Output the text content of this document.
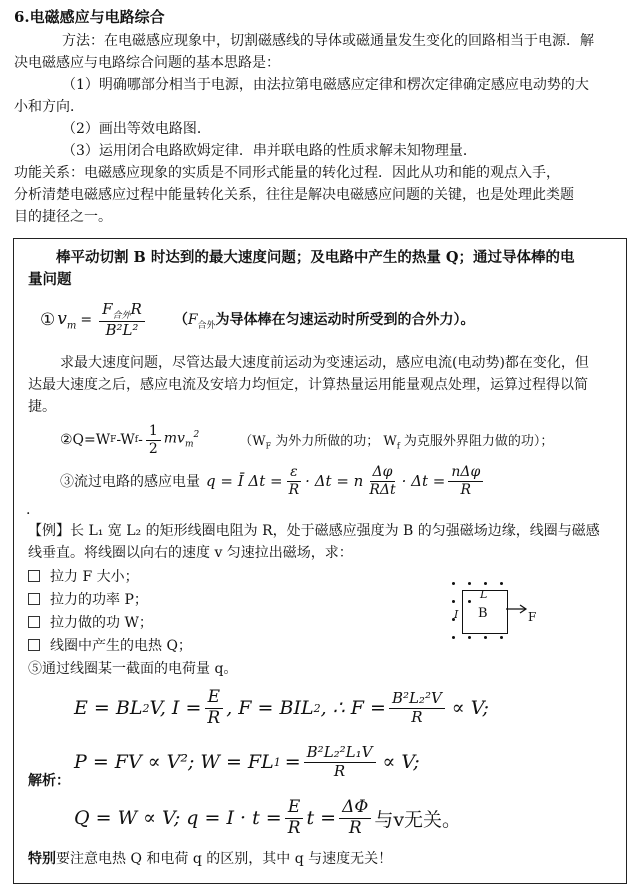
6.电磁感应与电路综合
方法：在电磁感应现象中，切割磁感线的导体或磁通量发生变化的回路相当于电源．解
决电磁感应与电路综合问题的基本思路是：
（1）明确哪部分相当于电源，由法拉第电磁感应定律和楞次定律确定感应电动势的大
小和方向．
（2）画出等效电路图．
（3）运用闭合电路欧姆定律．串并联电路的性质求解未知物理量．
功能关系：电磁感应现象的实质是不同形式能量的转化过程．因此从功和能的观点入手，
分析清楚电磁感应过程中能量转化关系，往往是解决电磁感应问题的关键，也是处理此类题
目的捷径之一。
棒平动切割 B 时达到的最大速度问题；及电路中产生的热量 Q；通过导体棒的电
量问题
① $v_m = \frac{F_{合外}R}{\text{B²L²}} (F_{合外}$为导体棒在匀速运动时所受到的合外力）。
求最大速度问题，尽管达最大速度前运动为变速运动，感应电流(电动势)都在变化，但
达最大速度之后，感应电流及安培力均恒定，计算热量运用能量观点处理，运算过程得以简
捷。
②Q=W F -W f - $\frac{1}{2} mv_m^2$	（$W_F$ 为外力所做的功； $W_f$ 为克服外界阻力做的功）；
③流过电路的感应电量 q = Ī $\Delta t = \frac{\varepsilon}{R} \cdot \Delta t = n \frac{\Delta\varphi}{\text{RΔt}} \cdot \Delta t = \frac{\text{nΔφ}}{R}$
.
【例】长 L₁ 宽 L₂ 的矩形线圈电阻为 R，处于磁感应强度为 B 的匀强磁场边缘，线圈与磁感
线垂直。将线圈以向右的速度 v 匀速拉出磁场，求：
拉力 F 大小；
拉力的功率 P；
拉力做的功 W；
线圈中产生的电热 Q；
⑤通过线圈某一截面的电荷量 q。
L
B
I	F
E = BL 2 V, $I = \frac{E}{R}$ , F = BIL 2 , ∴ $F = \frac{\text{B²L₂²V}}{R} \propto V$;
P = FV ∝ V²; W = FL $1 = \frac{\text{B²L₂²L₁V}}{R} \propto V$;
解析：
Q = W ∝ V; $q = I \cdot t = \frac{E}{R}$ $t = \frac{\Delta\Phi}{R}$ 与v无关。
特别要注意电热 Q 和电荷 q 的区别，其中 q 与速度无关！
